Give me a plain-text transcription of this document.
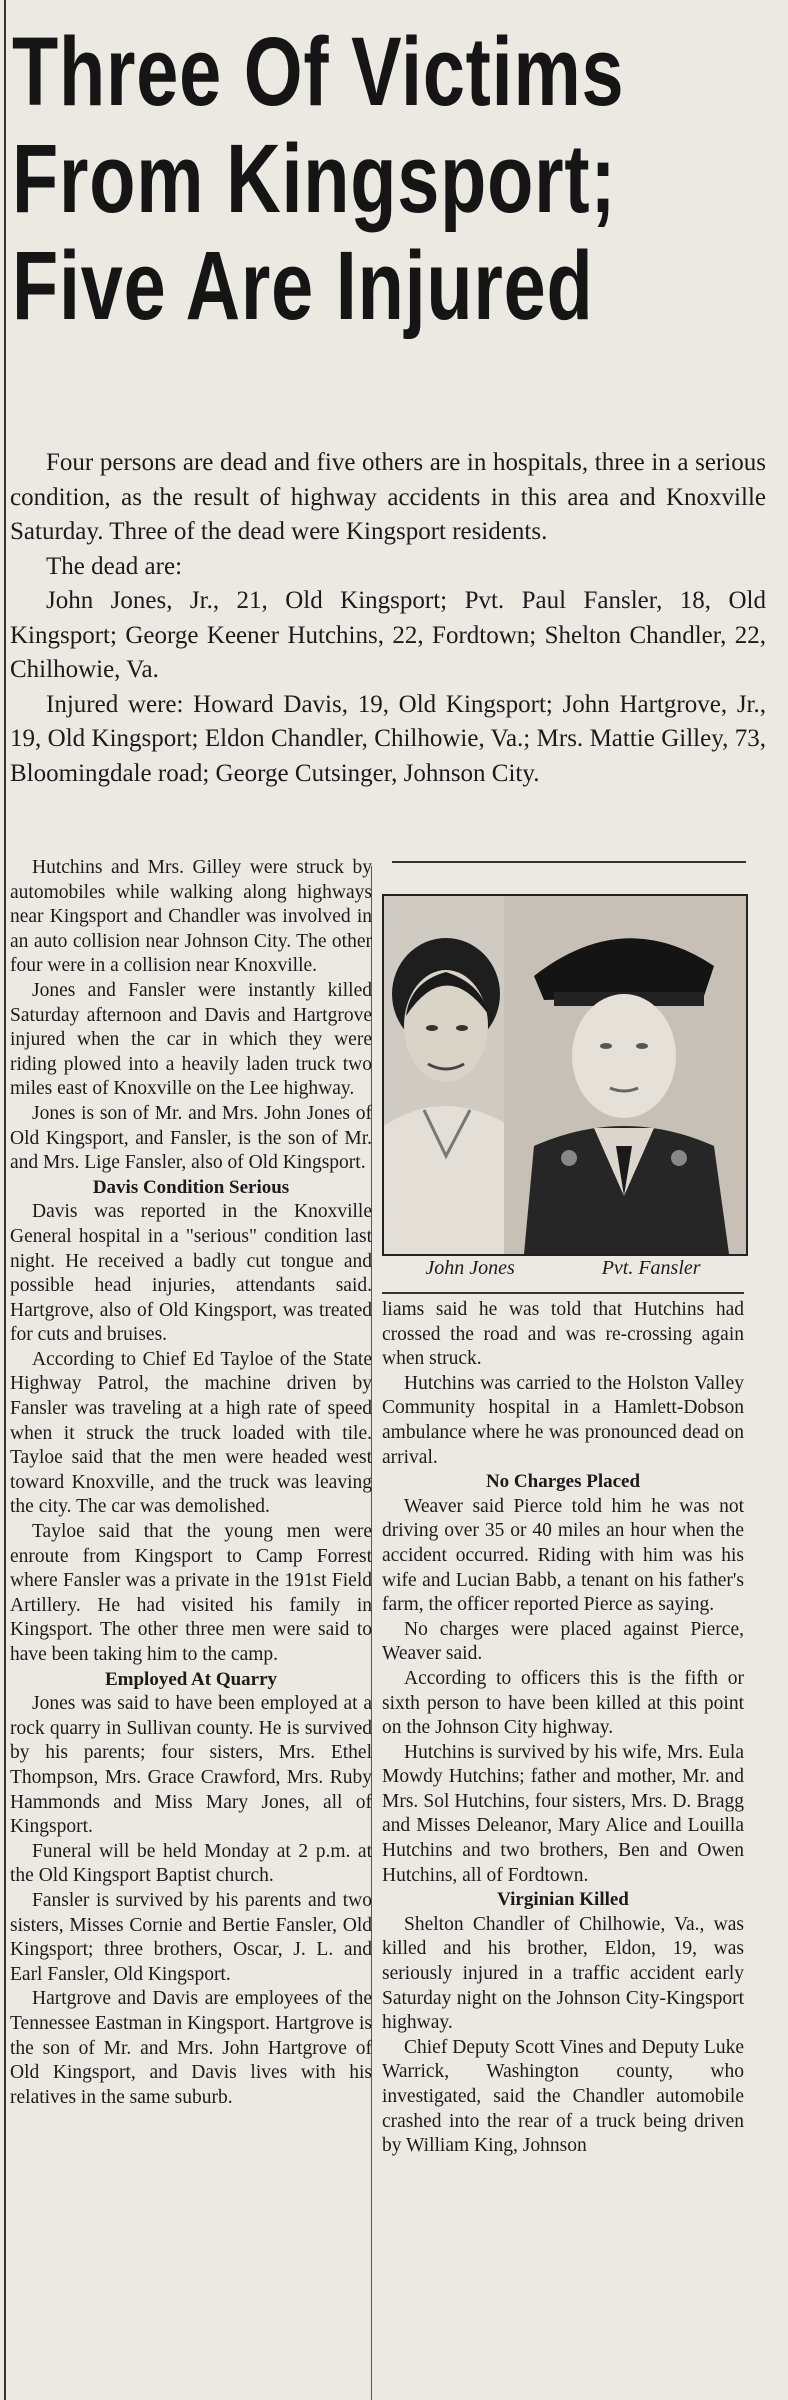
Three Of Victims
From Kingsport;
Five Are Injured

Four persons are dead and five others are in hospitals, three in a serious condition, as the result of highway accidents in this area and Knoxville Saturday. Three of the dead were Kingsport residents.

The dead are:

John Jones, Jr., 21, Old Kingsport; Pvt. Paul Fansler, 18, Old Kingsport; George Keener Hutchins, 22, Fordtown; Shelton Chandler, 22, Chilhowie, Va.

Injured were: Howard Davis, 19, Old Kingsport; John Hartgrove, Jr., 19, Old Kingsport; Eldon Chandler, Chilhowie, Va.; Mrs. Mattie Gilley, 73, Bloomingdale road; George Cutsinger, Johnson City.

Hutchins and Mrs. Gilley were struck by automobiles while walking along highways near Kingsport and Chandler was involved in an auto collision near Johnson City. The other four were in a collision near Knoxville.

Jones and Fansler were instantly killed Saturday afternoon and Davis and Hartgrove injured when the car in which they were riding plowed into a heavily laden truck two miles east of Knoxville on the Lee highway.

Jones is son of Mr. and Mrs. John Jones of Old Kingsport, and Fansler, is the son of Mr. and Mrs. Lige Fansler, also of Old Kingsport.

Davis Condition Serious

Davis was reported in the Knoxville General hospital in a "serious" condition last night. He received a badly cut tongue and possible head injuries, attendants said. Hartgrove, also of Old Kingsport, was treated for cuts and bruises.

According to Chief Ed Tayloe of the State Highway Patrol, the machine driven by Fansler was traveling at a high rate of speed when it struck the truck loaded with tile. Tayloe said that the men were headed west toward Knoxville, and the truck was leaving the city. The car was demolished.

Tayloe said that the young men were enroute from Kingsport to Camp Forrest where Fansler was a private in the 191st Field Artillery. He had visited his family in Kingsport. The other three men were said to have been taking him to the camp.

Employed At Quarry

Jones was said to have been employed at a rock quarry in Sullivan county. He is survived by his parents; four sisters, Mrs. Ethel Thompson, Mrs. Grace Crawford, Mrs. Ruby Hammonds and Miss Mary Jones, all of Kingsport.

Funeral will be held Monday at 2 p.m. at the Old Kingsport Baptist church.

Fansler is survived by his parents and two sisters, Misses Cornie and Bertie Fansler, Old Kingsport; three brothers, Oscar, J. L. and Earl Fansler, Old Kingsport.

Hartgrove and Davis are employees of the Tennessee Eastman in Kingsport. Hartgrove is the son of Mr. and Mrs. John Hartgrove of Old Kingsport, and Davis lives with his relatives in the same suburb.

John Jones	Pvt. Fansler

liams said he was told that Hutchins had crossed the road and was re-crossing again when struck.

Hutchins was carried to the Holston Valley Community hospital in a Hamlett-Dobson ambulance where he was pronounced dead on arrival.

No Charges Placed

Weaver said Pierce told him he was not driving over 35 or 40 miles an hour when the accident occurred. Riding with him was his wife and Lucian Babb, a tenant on his father's farm, the officer reported Pierce as saying.

No charges were placed against Pierce, Weaver said.

According to officers this is the fifth or sixth person to have been killed at this point on the Johnson City highway.

Hutchins is survived by his wife, Mrs. Eula Mowdy Hutchins; father and mother, Mr. and Mrs. Sol Hutchins, four sisters, Mrs. D. Bragg and Misses Deleanor, Mary Alice and Louilla Hutchins and two brothers, Ben and Owen Hutchins, all of Fordtown.

Virginian Killed

Shelton Chandler of Chilhowie, Va., was killed and his brother, Eldon, 19, was seriously injured in a traffic accident early Saturday night on the Johnson City-Kingsport highway.

Chief Deputy Scott Vines and Deputy Luke Warrick, Washington county, who investigated, said the Chandler automobile crashed into the rear of a truck being driven by William King, Johnson
